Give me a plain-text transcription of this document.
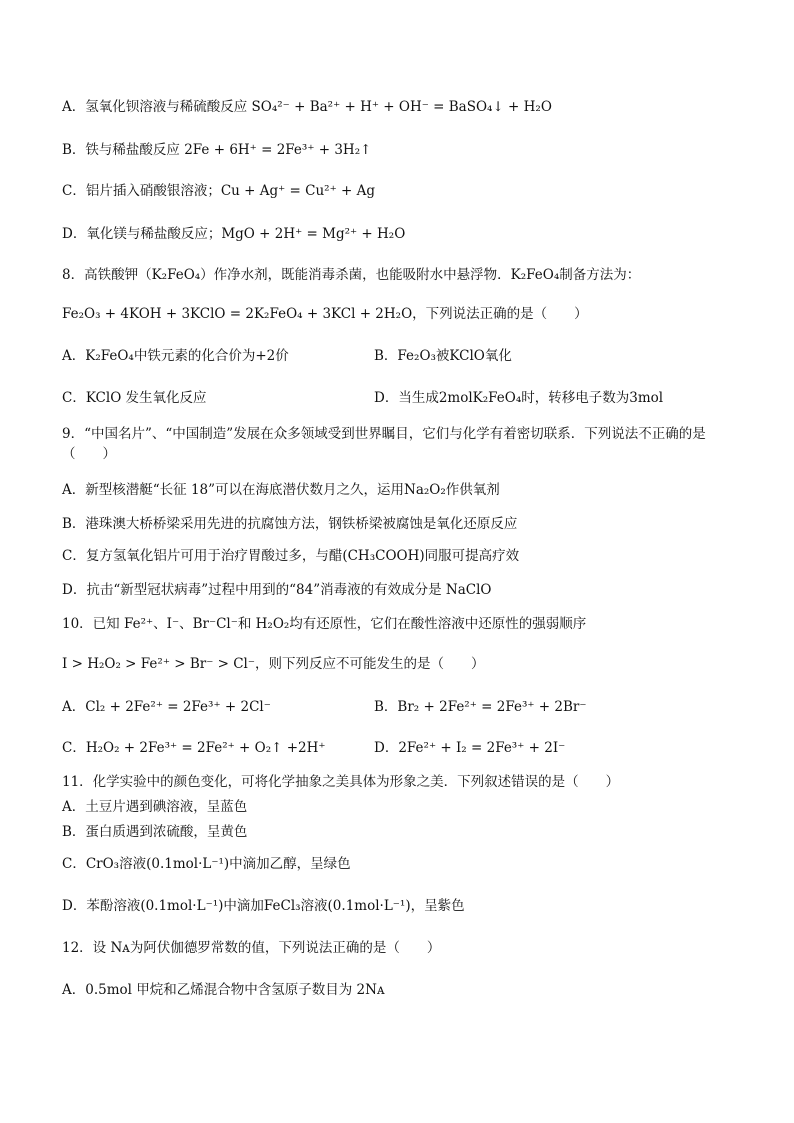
A．氢氧化钡溶液与稀硫酸反应 SO₄²⁻ + Ba²⁺ + H⁺ + OH⁻ = BaSO₄↓ + H₂O
B．铁与稀盐酸反应 2Fe + 6H⁺ = 2Fe³⁺ + 3H₂↑
C．铝片插入硝酸银溶液；Cu + Ag⁺ = Cu²⁺ + Ag
D．氧化镁与稀盐酸反应；MgO + 2H⁺ = Mg²⁺ + H₂O
8．高铁酸钾（K₂FeO₄）作净水剂，既能消毒杀菌，也能吸附水中悬浮物．K₂FeO₄制备方法为：
Fe₂O₃ + 4KOH + 3KClO = 2K₂FeO₄ + 3KCl + 2H₂O，下列说法正确的是（　　）
A．K₂FeO₄中铁元素的化合价为+2价	B．Fe₂O₃被KClO氧化
C．KClO 发生氧化反应	D．当生成2molK₂FeO₄时，转移电子数为3mol
9．“中国名片”、“中国制造”发展在众多领域受到世界瞩目，它们与化学有着密切联系．下列说法不正确的是（　　）
A．新型核潜艇“长征 18”可以在海底潜伏数月之久，运用Na₂O₂作供氧剂
B．港珠澳大桥桥梁采用先进的抗腐蚀方法，钢铁桥梁被腐蚀是氧化还原反应
C．复方氢氧化铝片可用于治疗胃酸过多，与醋(CH₃COOH)同服可提高疗效
D．抗击“新型冠状病毒”过程中用到的“84”消毒液的有效成分是 NaClO
10．已知 Fe²⁺、I⁻、Br⁻Cl⁻和 H₂O₂均有还原性，它们在酸性溶液中还原性的强弱顺序
I > H₂O₂ > Fe²⁺ > Br⁻ > Cl⁻，则下列反应不可能发生的是（　　）
A．Cl₂ + 2Fe²⁺ = 2Fe³⁺ + 2Cl⁻	B．Br₂ + 2Fe²⁺ = 2Fe³⁺ + 2Br⁻
C．H₂O₂ + 2Fe³⁺ = 2Fe²⁺ + O₂↑ +2H⁺	D．2Fe²⁺ + I₂ = 2Fe³⁺ + 2I⁻
11．化学实验中的颜色变化，可将化学抽象之美具体为形象之美．下列叙述错误的是（　　）
A．土豆片遇到碘溶液，呈蓝色
B．蛋白质遇到浓硫酸，呈黄色
C．CrO₃溶液(0.1mol·L⁻¹)中滴加乙醇，呈绿色
D．苯酚溶液(0.1mol·L⁻¹)中滴加FeCl₃溶液(0.1mol·L⁻¹)，呈紫色
12．设 Nᴀ为阿伏伽德罗常数的值，下列说法正确的是（　　）
A．0.5mol 甲烷和乙烯混合物中含氢原子数目为 2Nᴀ
